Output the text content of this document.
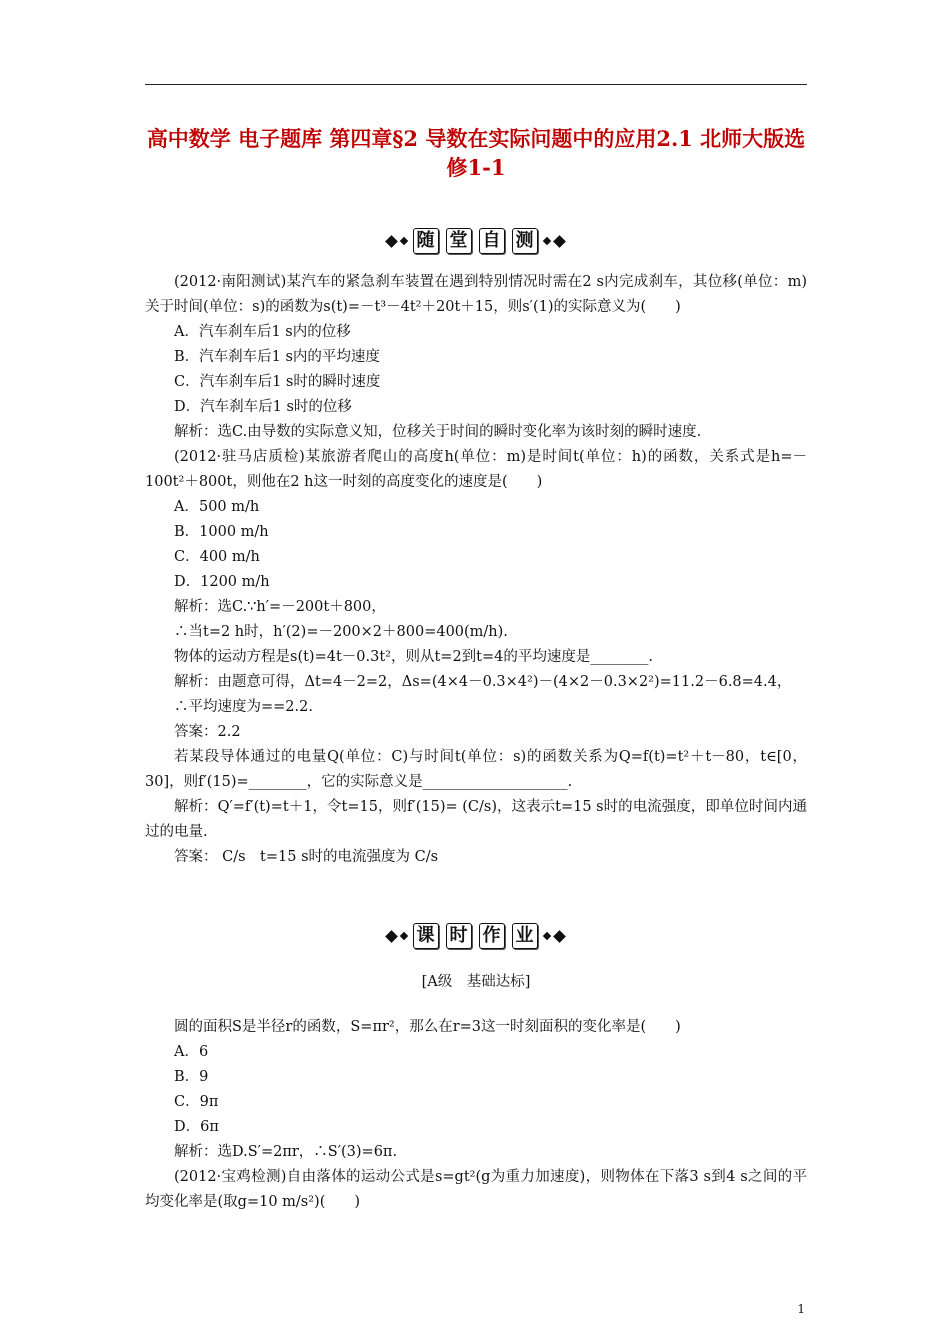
高中数学 电子题库 第四章§2 导数在实际问题中的应用2.1 北师大版选修1-1
随 堂 自 测

(2012·南阳测试)某汽车的紧急刹车装置在遇到特别情况时需在2 s内完成刹车，其位移(单位：m)关于时间(单位：s)的函数为s(t)=－t³－4t²＋20t＋15，则s′(1)的实际意义为(　　)

A．汽车刹车后1 s内的位移

B．汽车刹车后1 s内的平均速度

C．汽车刹车后1 s时的瞬时速度

D．汽车刹车后1 s时的位移

解析：选C.由导数的实际意义知，位移关于时间的瞬时变化率为该时刻的瞬时速度.

(2012·驻马店质检)某旅游者爬山的高度h(单位：m)是时间t(单位：h)的函数，关系式是h=－100t²＋800t，则他在2 h这一时刻的高度变化的速度是(　　)

A．500 m/h

B．1000 m/h

C．400 m/h

D．1200 m/h

解析：选C.∵h′=－200t＋800，

∴当t=2 h时，h′(2)=－200×2＋800=400(m/h).

物体的运动方程是s(t)=4t－0.3t²，则从t=2到t=4的平均速度是________.

解析：由题意可得，Δt=4－2=2，Δs=(4×4－0.3×4²)－(4×2－0.3×2²)=11.2－6.8=4.4，

∴平均速度为==2.2.

答案：2.2

若某段导体通过的电量Q(单位：C)与时间t(单位：s)的函数关系为Q=f(t)=t²＋t－80，t∈[0，30]，则f′(15)=________，它的实际意义是____________________.

解析：Q′=f′(t)=t＋1，令t=15，则f′(15)= (C/s)，这表示t=15 s时的电流强度，即单位时间内通过的电量.

答案： C/s　t=15 s时的电流强度为 C/s

课 时 作 业

[A级　基础达标]

圆的面积S是半径r的函数，S=πr²，那么在r=3这一时刻面积的变化率是(　　)

A．6

B．9

C．9π

D．6π

解析：选D.S′=2πr，∴S′(3)=6π.

(2012·宝鸡检测)自由落体的运动公式是s=gt²(g为重力加速度)，则物体在下落3 s到4 s之间的平均变化率是(取g=10 m/s²)(　　)

1
